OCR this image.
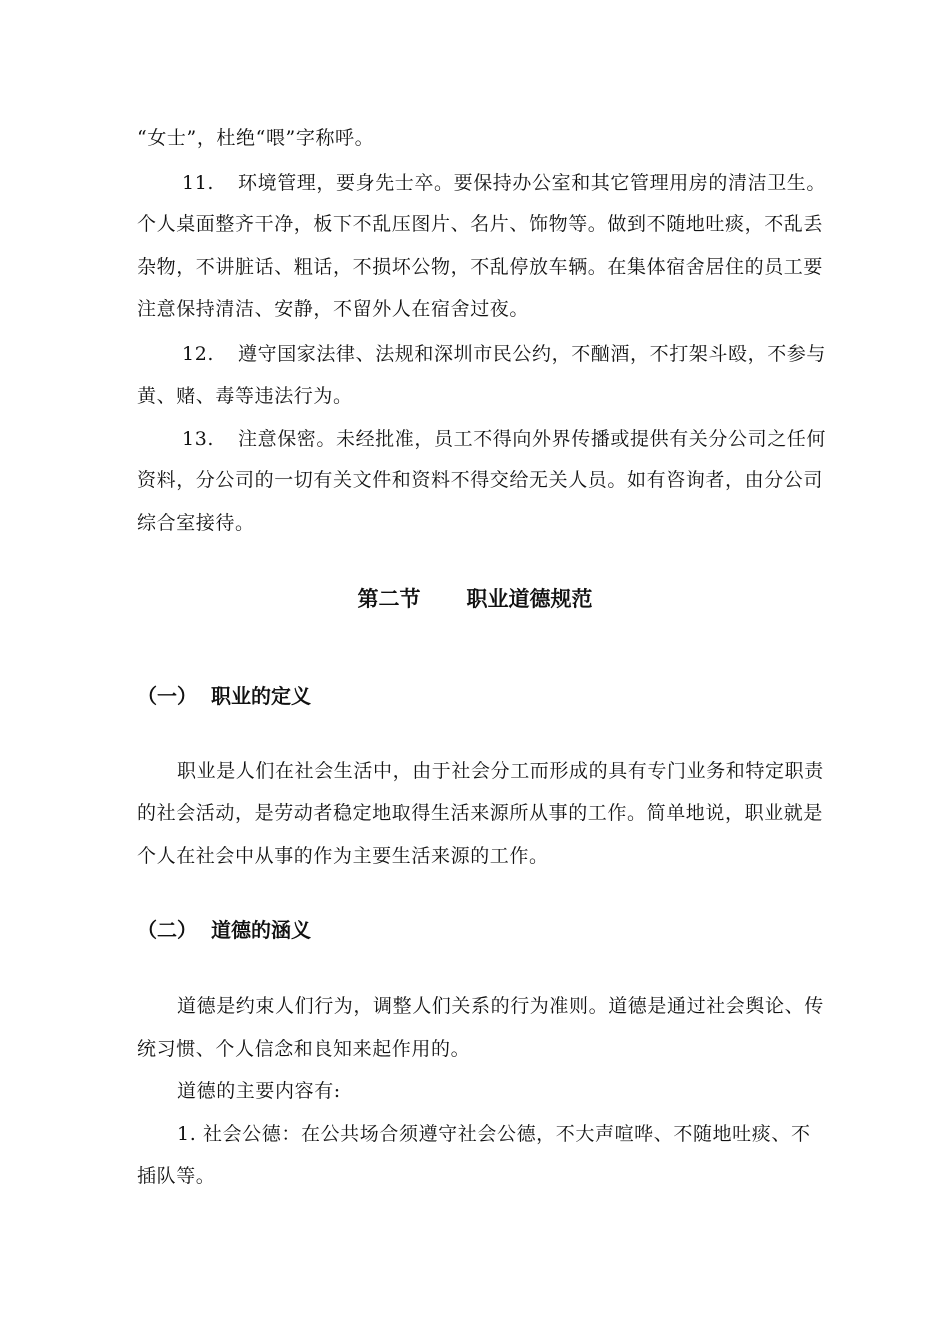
“女士”，杜绝“喂”字称呼。
11. 环境管理，要身先士卒。要保持办公室和其它管理用房的清洁卫生。
个人桌面整齐干净，板下不乱压图片、名片、饰物等。做到不随地吐痰，不乱丢
杂物，不讲脏话、粗话，不损坏公物，不乱停放车辆。在集体宿舍居住的员工要
注意保持清洁、安静，不留外人在宿舍过夜。
12. 遵守国家法律、法规和深圳市民公约，不酗酒，不打架斗殴，不参与
黄、赌、毒等违法行为。
13. 注意保密。未经批准，员工不得向外界传播或提供有关分公司之任何
资料，分公司的一切有关文件和资料不得交给无关人员。如有咨询者，由分公司
综合室接待。
第二节 职业道德规范
（一） 职业的定义
职业是人们在社会生活中，由于社会分工而形成的具有专门业务和特定职责
的社会活动，是劳动者稳定地取得生活来源所从事的工作。简单地说，职业就是
个人在社会中从事的作为主要生活来源的工作。
（二） 道德的涵义
道德是约束人们行为，调整人们关系的行为准则。道德是通过社会舆论、传
统习惯、个人信念和良知来起作用的。
道德的主要内容有:
1. 社会公德：在公共场合须遵守社会公德，不大声喧哗、不随地吐痰、不
插队等。
